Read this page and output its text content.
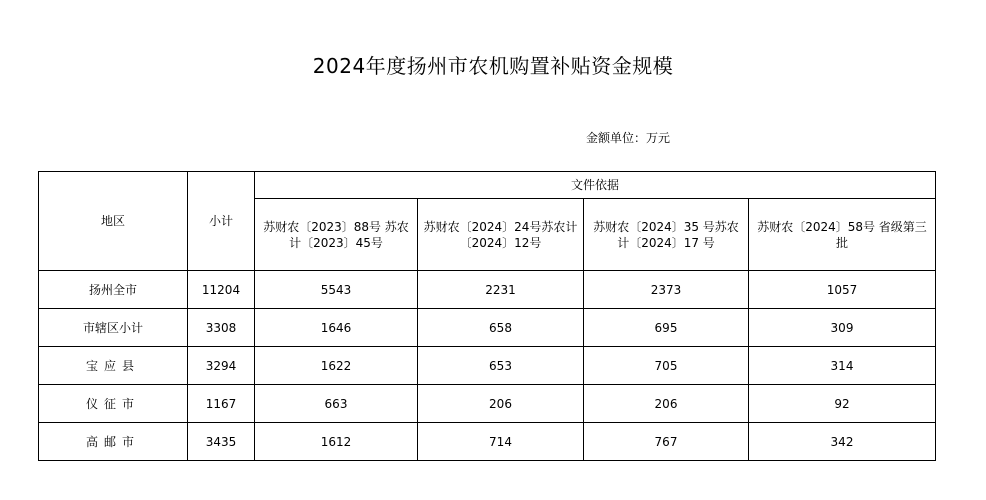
2024年度扬州市农机购置补贴资金规模
金额单位：万元
地区	小计	文件依据			
		苏财农〔2023〕88号 苏农计〔2023〕45号	苏财农〔2024〕24号苏农计〔2024〕12号	苏财农〔2024〕35 号苏农计〔2024〕17 号	苏财农〔2024〕58号 省级第三批
扬州全市	11204	5543	2231	2373	1057
市辖区小计	3308	1646	658	695	309
宝应县	3294	1622	653	705	314
仪征市	1167	663	206	206	92
高邮市	3435	1612	714	767	342
